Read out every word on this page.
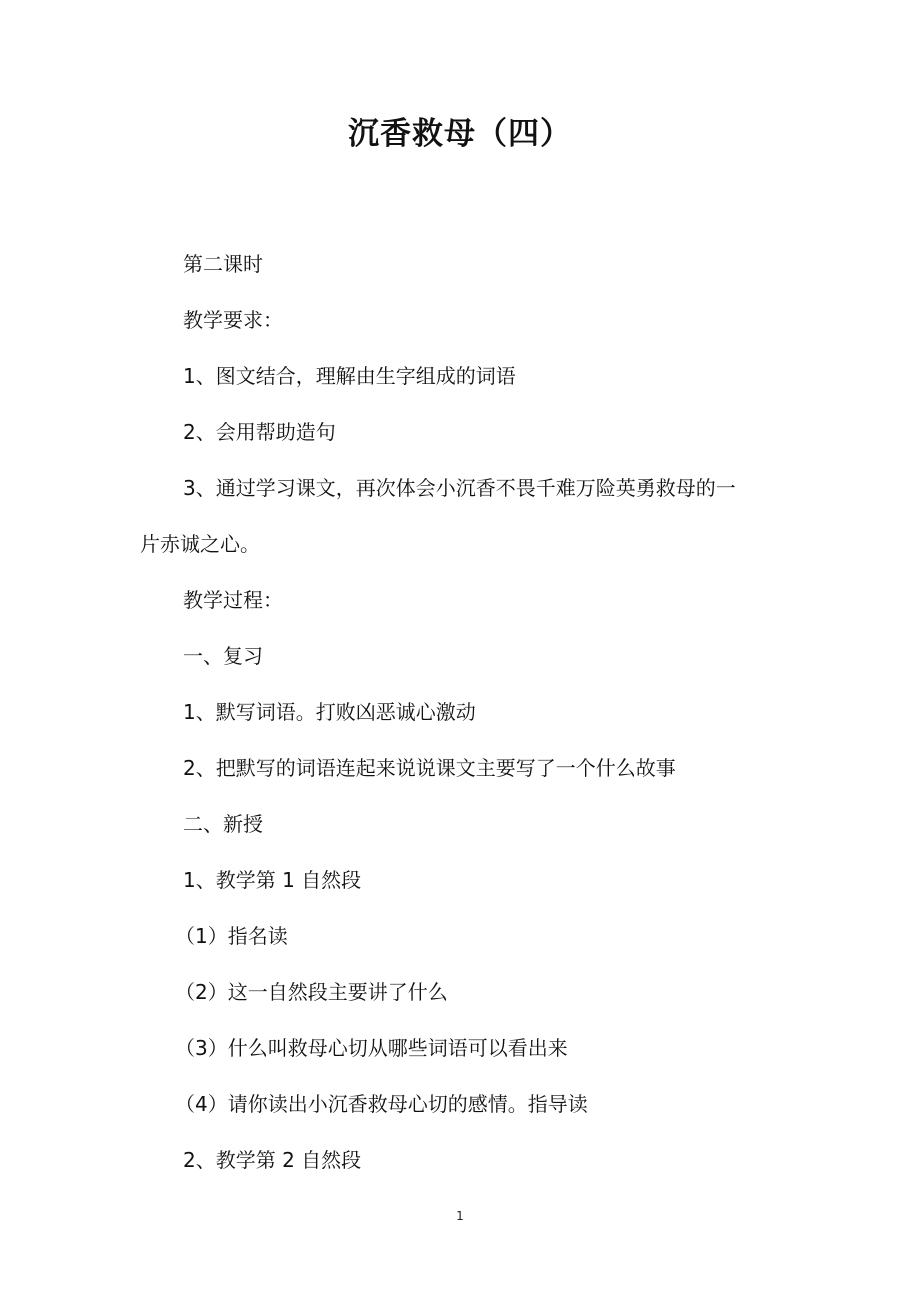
沉香救母（四）
第二课时
教学要求：
1、图文结合，理解由生字组成的词语
2、会用帮助造句
3、通过学习课文，再次体会小沉香不畏千难万险英勇救母的一
片赤诚之心。
教学过程：
一、复习
1、默写词语。打败凶恶诚心激动
2、把默写的词语连起来说说课文主要写了一个什么故事
二、新授
1、教学第 1 自然段
（1）指名读
（2）这一自然段主要讲了什么
（3）什么叫救母心切从哪些词语可以看出来
（4）请你读出小沉香救母心切的感情。指导读
2、教学第 2 自然段
1
